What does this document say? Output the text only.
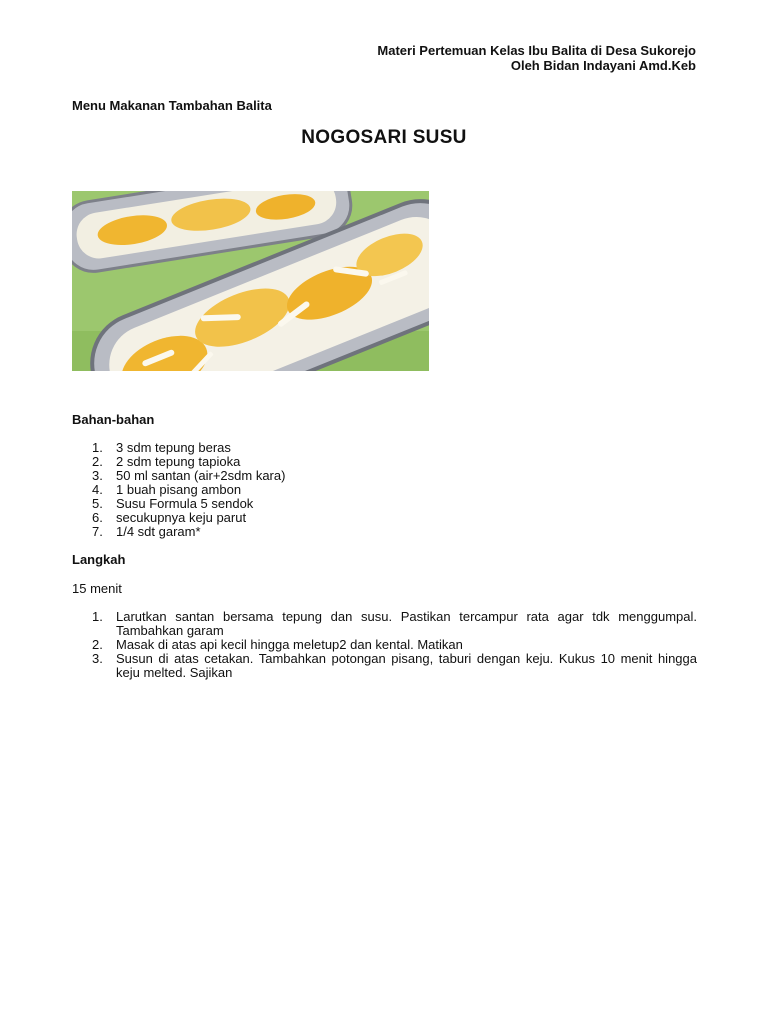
Materi Pertemuan Kelas Ibu Balita di Desa Sukorejo
Oleh Bidan Indayani Amd.Keb
Menu Makanan Tambahan Balita
NOGOSARI SUSU
Bahan-bahan
1. 3 sdm tepung beras
2. 2 sdm tepung tapioka
3. 50 ml santan (air+2sdm kara)
4. 1 buah pisang ambon
5. Susu Formula 5 sendok
6. secukupnya keju parut
7. 1/4 sdt garam*
Langkah
15 menit
1. Larutkan santan bersama tepung dan susu. Pastikan tercampur rata agar tdk menggumpal. Tambahkan garam
2. Masak di atas api kecil hingga meletup2 dan kental. Matikan
3. Susun di atas cetakan. Tambahkan potongan pisang, taburi dengan keju. Kukus 10 menit hingga keju melted. Sajikan
